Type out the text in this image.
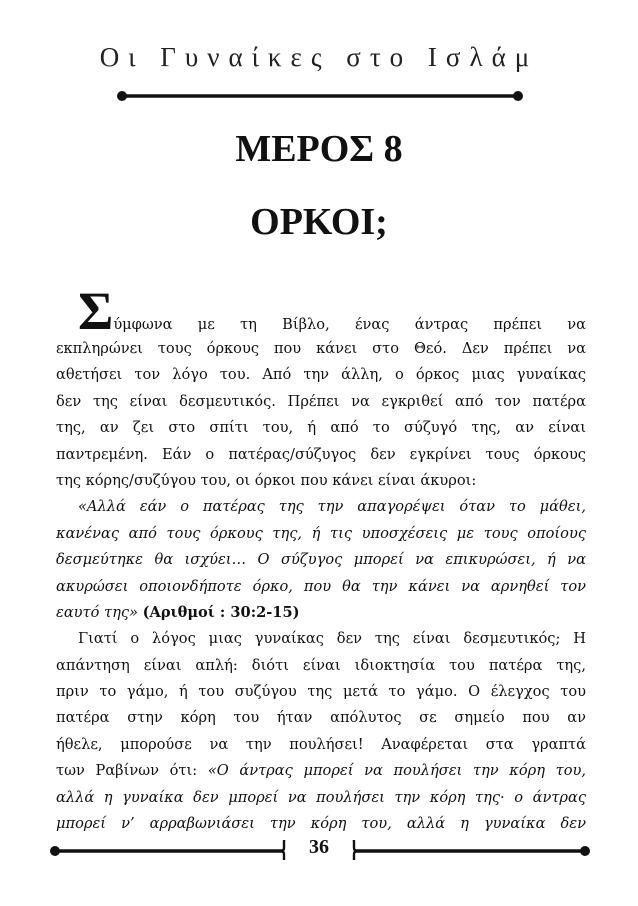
Οι Γυναίκες στο Ισλάμ
ΜΕΡΟΣ 8
ΟΡΚΟΙ;
Σύμφωνα με τη Βίβλο, ένας άντρας πρέπει να
εκπληρώνει τους όρκους που κάνει στο Θεό. Δεν πρέπει να
αθετήσει τον λόγο του. Από την άλλη, ο όρκος μιας γυναίκας
δεν της είναι δεσμευτικός. Πρέπει να εγκριθεί από τον πατέρα
της, αν ζει στο σπίτι του, ή από το σύζυγό της, αν είναι
παντρεμένη. Εάν ο πατέρας/σύζυγος δεν εγκρίνει τους όρκους
της κόρης/συζύγου του, οι όρκοι που κάνει είναι άκυροι:
«Αλλά εάν ο πατέρας της την απαγορέψει όταν το μάθει,
κανένας από τους όρκους της, ή τις υποσχέσεις με τους οποίους
δεσμεύτηκε θα ισχύει… Ο σύζυγος μπορεί να επικυρώσει, ή να
ακυρώσει οποιονδήποτε όρκο, που θα την κάνει να αρνηθεί τον
εαυτό της» (Αριθμοί : 30:2-15)
Γιατί ο λόγος μιας γυναίκας δεν της είναι δεσμευτικός; Η
απάντηση είναι απλή: διότι είναι ιδιοκτησία του πατέρα της,
πριν το γάμο, ή του συζύγου της μετά το γάμο. Ο έλεγχος του
πατέρα στην κόρη του ήταν απόλυτος σε σημείο που αν
ήθελε, μπορούσε να την πουλήσει! Αναφέρεται στα γραπτά
των Ραβίνων ότι: «Ο άντρας μπορεί να πουλήσει την κόρη του,
αλλά η γυναίκα δεν μπορεί να πουλήσει την κόρη της· ο άντρας
μπορεί ν’ αρραβωνιάσει την κόρη του, αλλά η γυναίκα δεν
36
